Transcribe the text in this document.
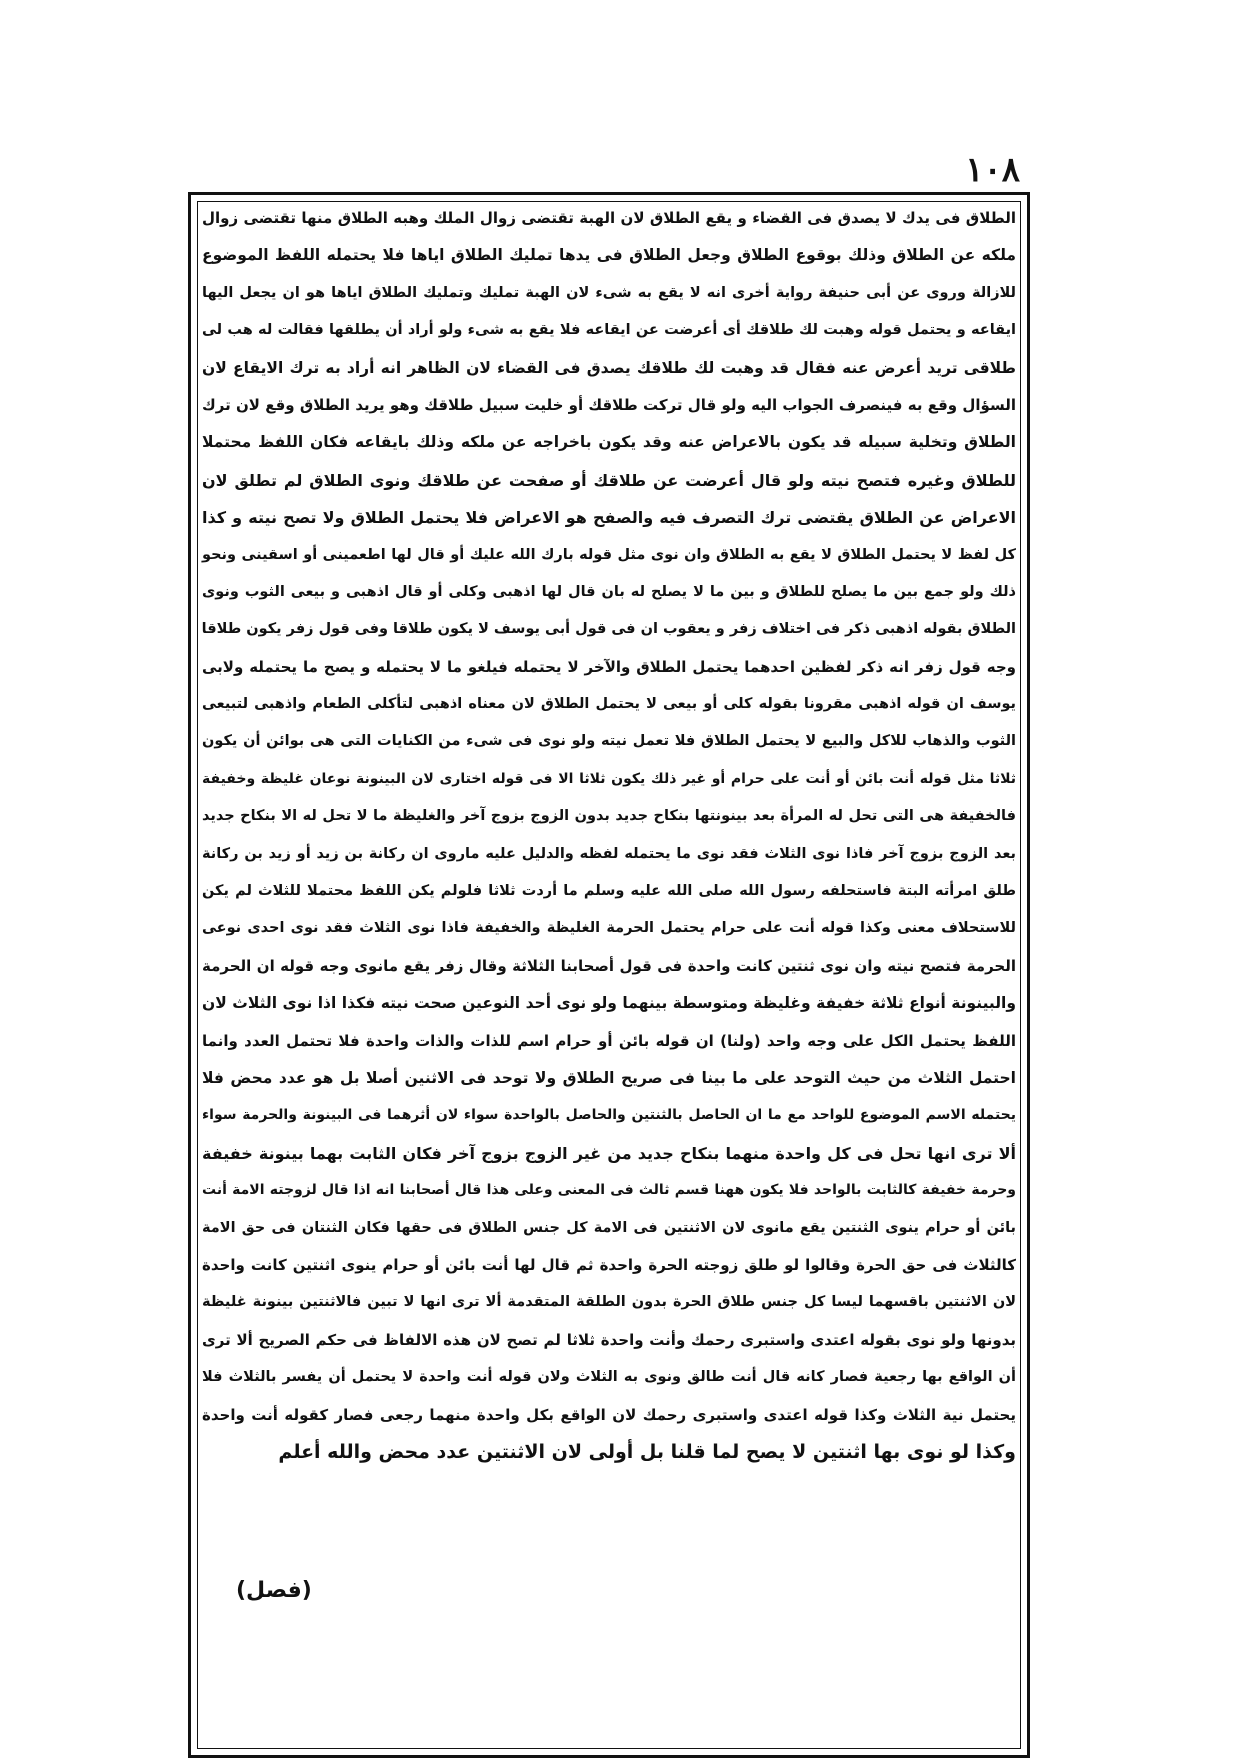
١٠٨
الطلاق فى يدك لا يصدق فى القضاء و يقع الطلاق لان الهبة تقتضى زوال الملك وهبه الطلاق منها تقتضى زوال
ملكه عن الطلاق وذلك بوقوع الطلاق وجعل الطلاق فى يدها تمليك الطلاق اياها فلا يحتمله اللفظ الموضوع
للازالة وروى عن أبى حنيفة رواية أخرى انه لا يقع به شىء لان الهبة تمليك وتمليك الطلاق اياها هو ان يجعل اليها
ايقاعه و يحتمل قوله وهبت لك طلاقك أى أعرضت عن ايقاعه فلا يقع به شىء ولو أراد أن يطلقها فقالت له هب لى
طلاقى تريد أعرض عنه فقال قد وهبت لك طلاقك يصدق فى القضاء لان الظاهر انه أراد به ترك الايقاع لان
السؤال وقع به فينصرف الجواب اليه ولو قال تركت طلاقك أو خليت سبيل طلاقك وهو يريد الطلاق وقع لان ترك
الطلاق وتخلية سبيله قد يكون بالاعراض عنه وقد يكون باخراجه عن ملكه وذلك بايقاعه فكان اللفظ محتملا
للطلاق وغيره فتصح نيته ولو قال أعرضت عن طلاقك أو صفحت عن طلاقك ونوى الطلاق لم تطلق لان
الاعراض عن الطلاق يقتضى ترك التصرف فيه والصفح هو الاعراض فلا يحتمل الطلاق ولا تصح نيته و كذا
كل لفظ لا يحتمل الطلاق لا يقع به الطلاق وان نوى مثل قوله بارك الله عليك أو قال لها اطعمينى أو اسقينى ونحو
ذلك ولو جمع بين ما يصلح للطلاق و بين ما لا يصلح له بان قال لها اذهبى وكلى أو قال اذهبى و بيعى الثوب ونوى
الطلاق بقوله اذهبى ذكر فى اختلاف زفر و يعقوب ان فى قول أبى يوسف لا يكون طلاقا وفى قول زفر يكون طلاقا
وجه قول زفر انه ذكر لفظين احدهما يحتمل الطلاق والآخر لا يحتمله فيلغو ما لا يحتمله و يصح ما يحتمله ولابى
يوسف ان قوله اذهبى مقرونا بقوله كلى أو بيعى لا يحتمل الطلاق لان معناه اذهبى لتأكلى الطعام واذهبى لتبيعى
الثوب والذهاب للاكل والبيع لا يحتمل الطلاق فلا تعمل نيته ولو نوى فى شىء من الكنايات التى هى بوائن أن يكون
ثلاثا مثل قوله أنت بائن أو أنت على حرام أو غير ذلك يكون ثلاثا الا فى قوله اختارى لان البينونة نوعان غليظة وخفيفة
فالخفيفة هى التى تحل له المرأة بعد بينونتها بنكاح جديد بدون الزوج بزوج آخر والغليظة ما لا تحل له الا بنكاح جديد
بعد الزوج بزوج آخر فاذا نوى الثلاث فقد نوى ما يحتمله لفظه والدليل عليه ماروى ان ركانة بن زيد أو زيد بن ركانة
طلق امرأته البتة فاستحلفه رسول الله صلى الله عليه وسلم ما أردت ثلاثا فلولم يكن اللفظ محتملا للثلاث لم يكن
للاستحلاف معنى وكذا قوله أنت على حرام يحتمل الحرمة الغليظة والخفيفة فاذا نوى الثلاث فقد نوى احدى نوعى
الحرمة فتصح نيته وان نوى ثنتين كانت واحدة فى قول أصحابنا الثلاثة وقال زفر يقع مانوى وجه قوله ان الحرمة
والبينونة أنواع ثلاثة خفيفة وغليظة ومتوسطة بينهما ولو نوى أحد النوعين صحت نيته فكذا اذا نوى الثلاث لان
اللفظ يحتمل الكل على وجه واحد (ولنا) ان قوله بائن أو حرام اسم للذات والذات واحدة فلا تحتمل العدد وانما
احتمل الثلاث من حيث التوحد على ما بينا فى صريح الطلاق ولا توحد فى الاثنين أصلا بل هو عدد محض فلا
يحتمله الاسم الموضوع للواحد مع ما ان الحاصل بالثنتين والحاصل بالواحدة سواء لان أثرهما فى البينونة والحرمة سواء
ألا ترى انها تحل فى كل واحدة منهما بنكاح جديد من غير الزوج بزوج آخر فكان الثابت بهما بينونة خفيفة
وحرمة خفيفة كالثابت بالواحد فلا يكون ههنا قسم ثالث فى المعنى وعلى هذا قال أصحابنا انه اذا قال لزوجته الامة أنت
بائن أو حرام ينوى الثنتين يقع مانوى لان الاثنتين فى الامة كل جنس الطلاق فى حقها فكان الثنتان فى حق الامة
كالثلاث فى حق الحرة وقالوا لو طلق زوجته الحرة واحدة ثم قال لها أنت بائن أو حرام ينوى اثنتين كانت واحدة
لان الاثنتين باقسهما ليسا كل جنس طلاق الحرة بدون الطلقة المتقدمة ألا ترى انها لا تبين فالاثنتين بينونة غليظة
بدونها ولو نوى بقوله اعتدى واستبرى رحمك وأنت واحدة ثلاثا لم تصح لان هذه الالفاظ فى حكم الصريح ألا ترى
أن الواقع بها رجعية فصار كانه قال أنت طالق ونوى به الثلاث ولان قوله أنت واحدة لا يحتمل أن يفسر بالثلاث فلا
يحتمل نية الثلاث وكذا قوله اعتدى واستبرى رحمك لان الواقع بكل واحدة منهما رجعى فصار كقوله أنت واحدة
وكذا لو نوى بها اثنتين لا يصح لما قلنا بل أولى لان الاثنتين عدد محض والله أعلم
(فصل)
